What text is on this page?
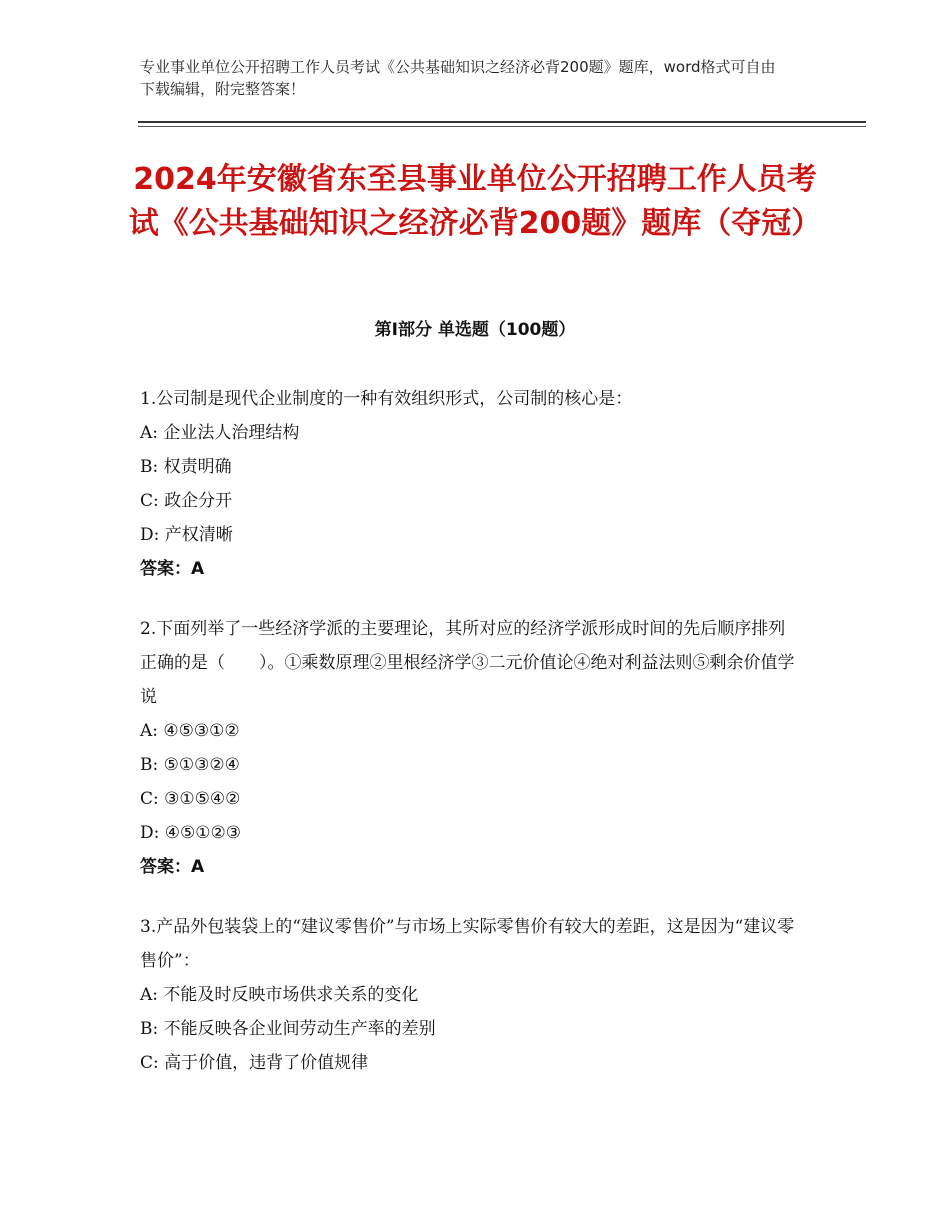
专业事业单位公开招聘工作人员考试《公共基础知识之经济必背200题》题库，word格式可自由下载编辑，附完整答案！
2024年安徽省东至县事业单位公开招聘工作人员考试《公共基础知识之经济必背200题》题库（夺冠）
第Ⅰ部分 单选题（100题）
1.公司制是现代企业制度的一种有效组织形式，公司制的核心是：
A: 企业法人治理结构
B: 权责明确
C: 政企分开
D: 产权清晰
答案：A
2.下面列举了一些经济学派的主要理论，其所对应的经济学派形成时间的先后顺序排列正确的是（　　）。①乘数原理②里根经济学③二元价值论④绝对利益法则⑤剩余价值学说
A: ④⑤③①②
B: ⑤①③②④
C: ③①⑤④②
D: ④⑤①②③
答案：A
3.产品外包装袋上的“建议零售价”与市场上实际零售价有较大的差距，这是因为“建议零售价”：
A: 不能及时反映市场供求关系的变化
B: 不能反映各企业间劳动生产率的差别
C: 高于价值，违背了价值规律
